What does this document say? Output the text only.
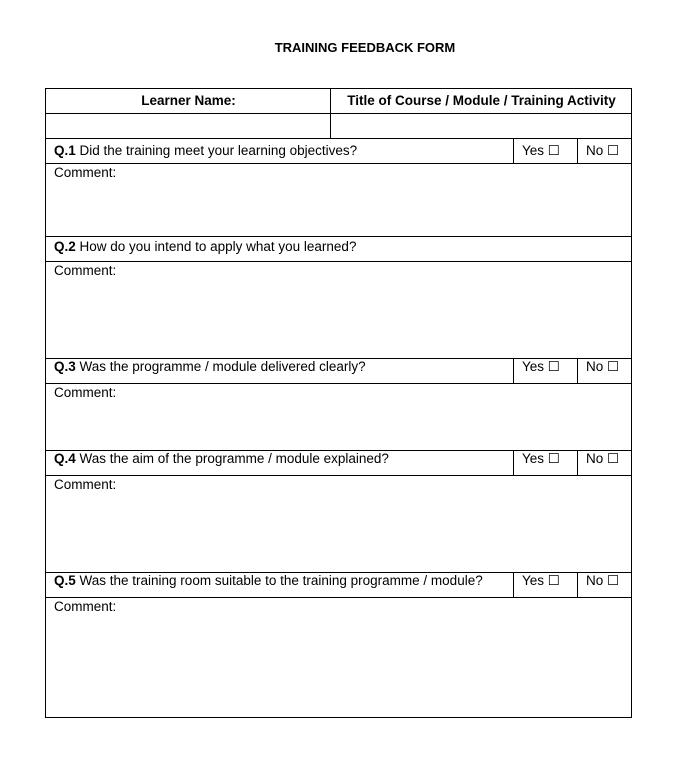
TRAINING FEEDBACK FORM
Learner Name:	Title of Course / Module / Training Activity
Q.1 Did the training meet your learning objectives?	Yes ☐ No ☐
Comment:
Q.2 How do you intend to apply what you learned?
Comment:
Q.3 Was the programme / module delivered clearly?	Yes ☐ No ☐
Comment:
Q.4 Was the aim of the programme / module explained?	Yes ☐ No ☐
Comment:
Q.5 Was the training room suitable to the training programme / module?	Yes ☐ No ☐
Comment:
